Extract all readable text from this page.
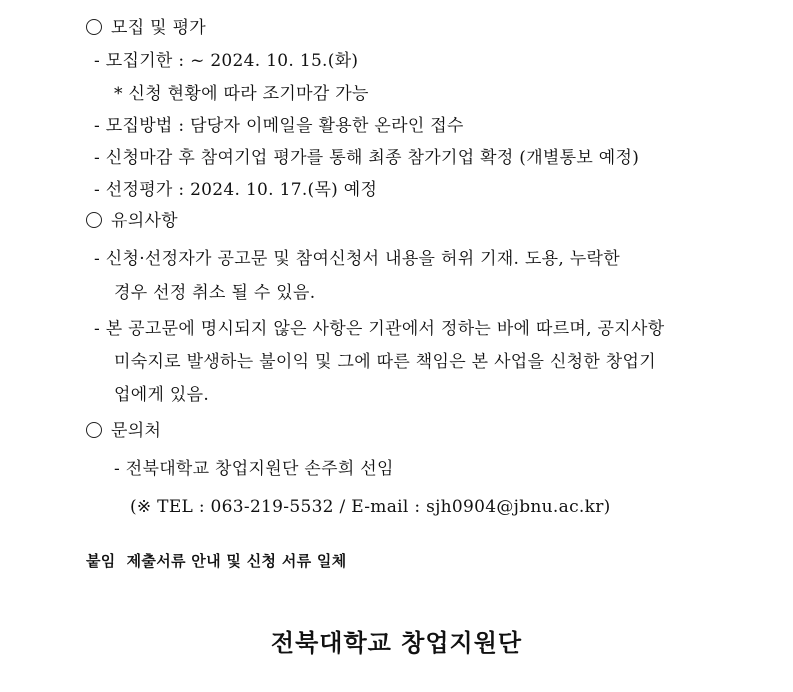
모집 및 평가
- 모집기한 : ~ 2024. 10. 15.(화)
* 신청 현황에 따라 조기마감 가능
- 모집방법 : 담당자 이메일을 활용한 온라인 접수
- 신청마감 후 참여기업 평가를 통해 최종 참가기업 확정 (개별통보 예정)
- 선정평가 : 2024. 10. 17.(목) 예정
유의사항
- 신청·선정자가 공고문 및 참여신청서 내용을 허위 기재. 도용, 누락한
경우 선정 취소 될 수 있음.
- 본 공고문에 명시되지 않은 사항은 기관에서 정하는 바에 따르며, 공지사항
미숙지로 발생하는 불이익 및 그에 따른 책임은 본 사업을 신청한 창업기
업에게 있음.
문의처
- 전북대학교 창업지원단 손주희 선임
(※ TEL : 063-219-5532 / E-mail : sjh0904@jbnu.ac.kr)
붙임  제출서류 안내 및 신청 서류 일체
전북대학교 창업지원단
